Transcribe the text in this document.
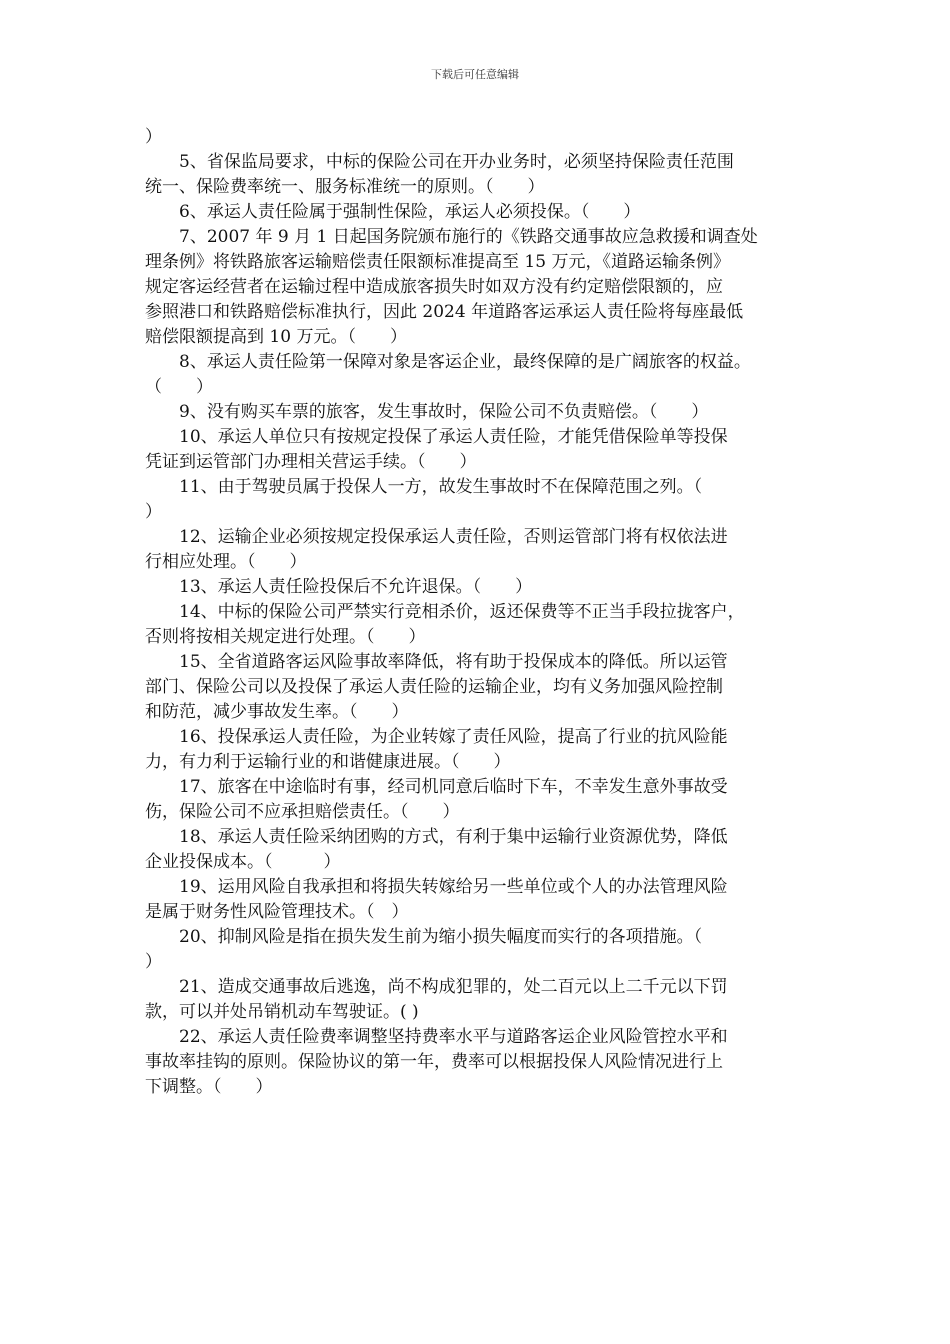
下载后可任意编辑
）
5、省保监局要求，中标的保险公司在开办业务时，必须坚持保险责任范围
统一、保险费率统一、服务标准统一的原则。（　　）
6、承运人责任险属于强制性保险，承运人必须投保。（　　）
7、2007 年 9 月 1 日起国务院颁布施行的《铁路交通事故应急救援和调查处
理条例》将铁路旅客运输赔偿责任限额标准提高至 15 万元，《道路运输条例》
规定客运经营者在运输过程中造成旅客损失时如双方没有约定赔偿限额的，应
参照港口和铁路赔偿标准执行，因此 2024 年道路客运承运人责任险将每座最低
赔偿限额提高到 10 万元。（　　）
8、承运人责任险第一保障对象是客运企业，最终保障的是广阔旅客的权益。
（　　）
9、没有购买车票的旅客，发生事故时，保险公司不负责赔偿。（　　）
10、承运人单位只有按规定投保了承运人责任险，才能凭借保险单等投保
凭证到运管部门办理相关营运手续。（　　）
11、由于驾驶员属于投保人一方，故发生事故时不在保障范围之列。（
）
12、运输企业必须按规定投保承运人责任险，否则运管部门将有权依法进
行相应处理。（　　）
13、承运人责任险投保后不允许退保。（　　）
14、中标的保险公司严禁实行竞相杀价，返还保费等不正当手段拉拢客户，
否则将按相关规定进行处理。（　　）
15、全省道路客运风险事故率降低，将有助于投保成本的降低。所以运管
部门、保险公司以及投保了承运人责任险的运输企业，均有义务加强风险控制
和防范，减少事故发生率。（　　）
16、投保承运人责任险，为企业转嫁了责任风险，提高了行业的抗风险能
力，有力利于运输行业的和谐健康进展。（　　）
17、旅客在中途临时有事，经司机同意后临时下车，不幸发生意外事故受
伤，保险公司不应承担赔偿责任。（　　）
18、承运人责任险采纳团购的方式，有利于集中运输行业资源优势，降低
企业投保成本。（　　　）
19、运用风险自我承担和将损失转嫁给另一些单位或个人的办法管理风险
是属于财务性风险管理技术。（　）
20、抑制风险是指在损失发生前为缩小损失幅度而实行的各项措施。（
）
21、造成交通事故后逃逸，尚不构成犯罪的，处二百元以上二千元以下罚
款，可以并处吊销机动车驾驶证。( )
22、承运人责任险费率调整坚持费率水平与道路客运企业风险管控水平和
事故率挂钩的原则。保险协议的第一年，费率可以根据投保人风险情况进行上
下调整。（　　）
